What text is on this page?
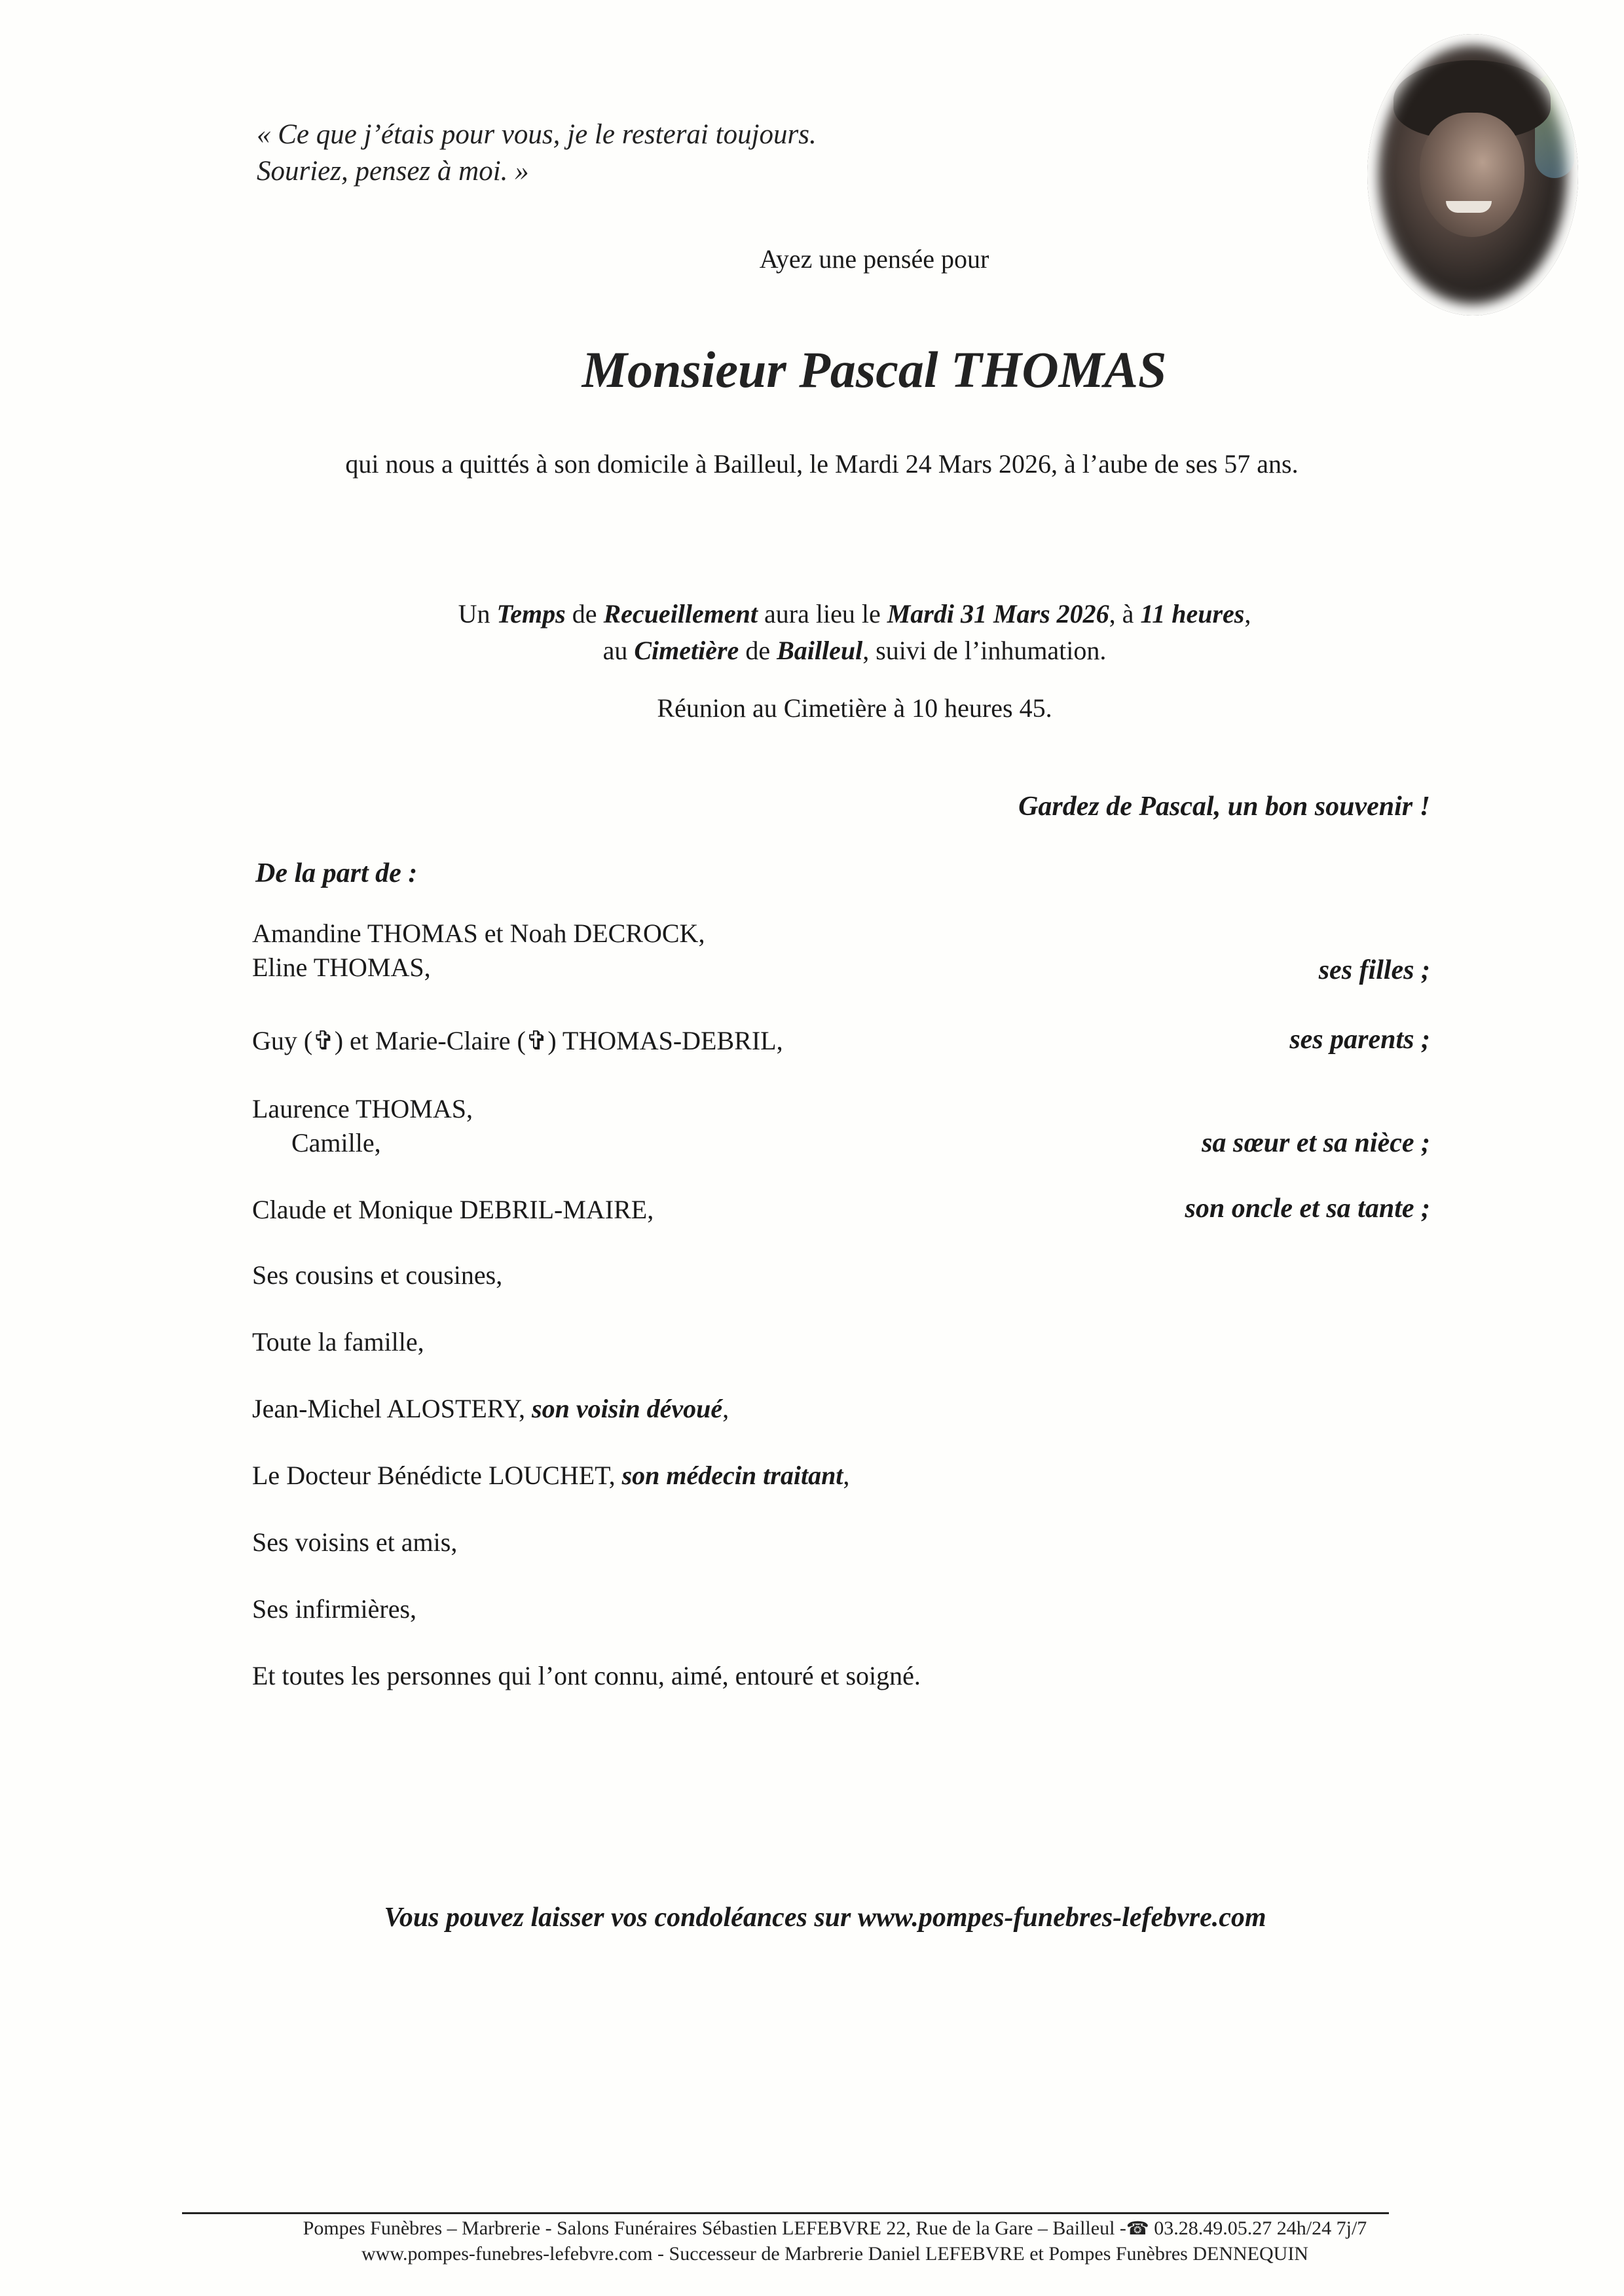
« Ce que j’étais pour vous, je le resterai toujours.
Souriez, pensez à moi. »
Ayez une pensée pour
Monsieur Pascal THOMAS
qui nous a quittés à son domicile à Bailleul, le Mardi 24 Mars 2026, à l’aube de ses 57 ans.
Un Temps de Recueillement aura lieu le Mardi 31 Mars 2026, à 11 heures,
au Cimetière de Bailleul, suivi de l’inhumation.
Réunion au Cimetière à 10 heures 45.
Gardez de Pascal, un bon souvenir !
De la part de :
Amandine THOMAS et Noah DECROCK,
Eline THOMAS,	ses filles ;
Guy (✞) et Marie-Claire (✞) THOMAS-DEBRIL,	ses parents ;
Laurence THOMAS,
Camille,	sa sœur et sa nièce ;
Claude et Monique DEBRIL-MAIRE,	son oncle et sa tante ;
Ses cousins et cousines,
Toute la famille,
Jean-Michel ALOSTERY, son voisin dévoué,
Le Docteur Bénédicte LOUCHET, son médecin traitant,
Ses voisins et amis,
Ses infirmières,
Et toutes les personnes qui l’ont connu, aimé, entouré et soigné.
Vous pouvez laisser vos condoléances sur www.pompes-funebres-lefebvre.com
Pompes Funèbres – Marbrerie - Salons Funéraires Sébastien LEFEBVRE 22, Rue de la Gare – Bailleul -☎ 03.28.49.05.27 24h/24 7j/7
www.pompes-funebres-lefebvre.com - Successeur de Marbrerie Daniel LEFEBVRE et Pompes Funèbres DENNEQUIN
